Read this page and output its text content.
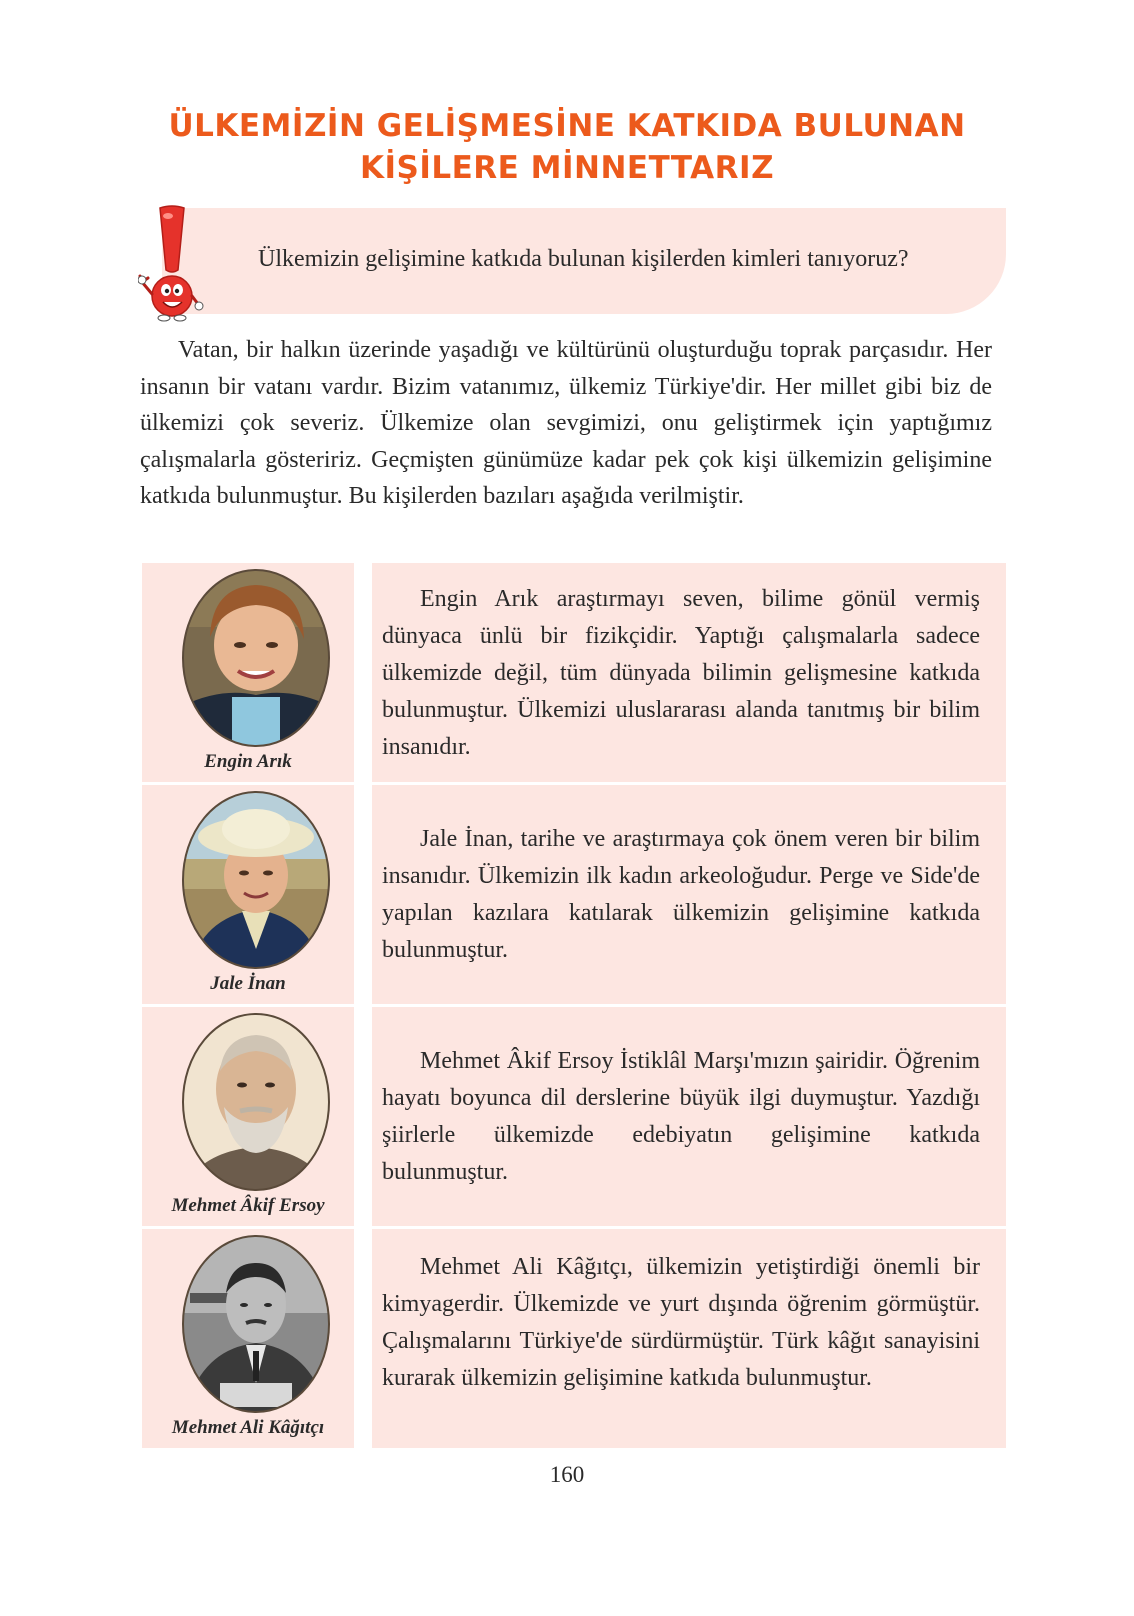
ÜLKEMİZİN GELİŞMESİNE KATKIDA BULUNAN
KİŞİLERE MİNNETTARIZ
Ülkemizin gelişimine katkıda bulunan kişilerden kimleri tanıyoruz?

Vatan, bir halkın üzerinde yaşadığı ve kültürünü oluşturduğu toprak parçasıdır. Her insanın bir vatanı vardır. Bizim vatanımız, ülkemiz Türkiye'dir. Her millet gibi biz de ülkemizi çok severiz. Ülkemize olan sevgimizi, onu geliştirmek için yaptığımız çalışmalarla gösteririz. Geçmişten günümüze kadar pek çok kişi ülkemizin gelişimine katkıda bulunmuştur. Bu kişilerden bazıları aşağıda verilmiştir.

Engin Arık

Engin Arık araştırmayı seven, bilime gönül vermiş dünyaca ünlü bir fizikçidir. Yaptığı çalışmalarla sadece ülkemizde değil, tüm dünyada bilimin gelişmesine katkıda bulunmuştur. Ülkemizi uluslararası alanda tanıtmış bir bilim insanıdır.

Jale İnan

Jale İnan, tarihe ve araştırmaya çok önem veren bir bilim insanıdır. Ülkemizin ilk kadın arkeoloğudur. Perge ve Side'de yapılan kazılara katılarak ülkemizin gelişimine katkıda bulunmuştur.

Mehmet Âkif Ersoy

Mehmet Âkif Ersoy İstiklâl Marşı'mızın şairidir. Öğrenim hayatı boyunca dil derslerine büyük ilgi duymuştur. Yazdığı şiirlerle ülkemizde edebiyatın gelişimine katkıda bulunmuştur.

Mehmet Ali Kâğıtçı

Mehmet Ali Kâğıtçı, ülkemizin yetiştirdiği önemli bir kimyagerdir. Ülkemizde ve yurt dışında öğrenim görmüştür. Çalışmalarını Türkiye'de sürdürmüştür. Türk kâğıt sanayisini kurarak ülkemizin gelişimine katkıda bulunmuştur.

160
